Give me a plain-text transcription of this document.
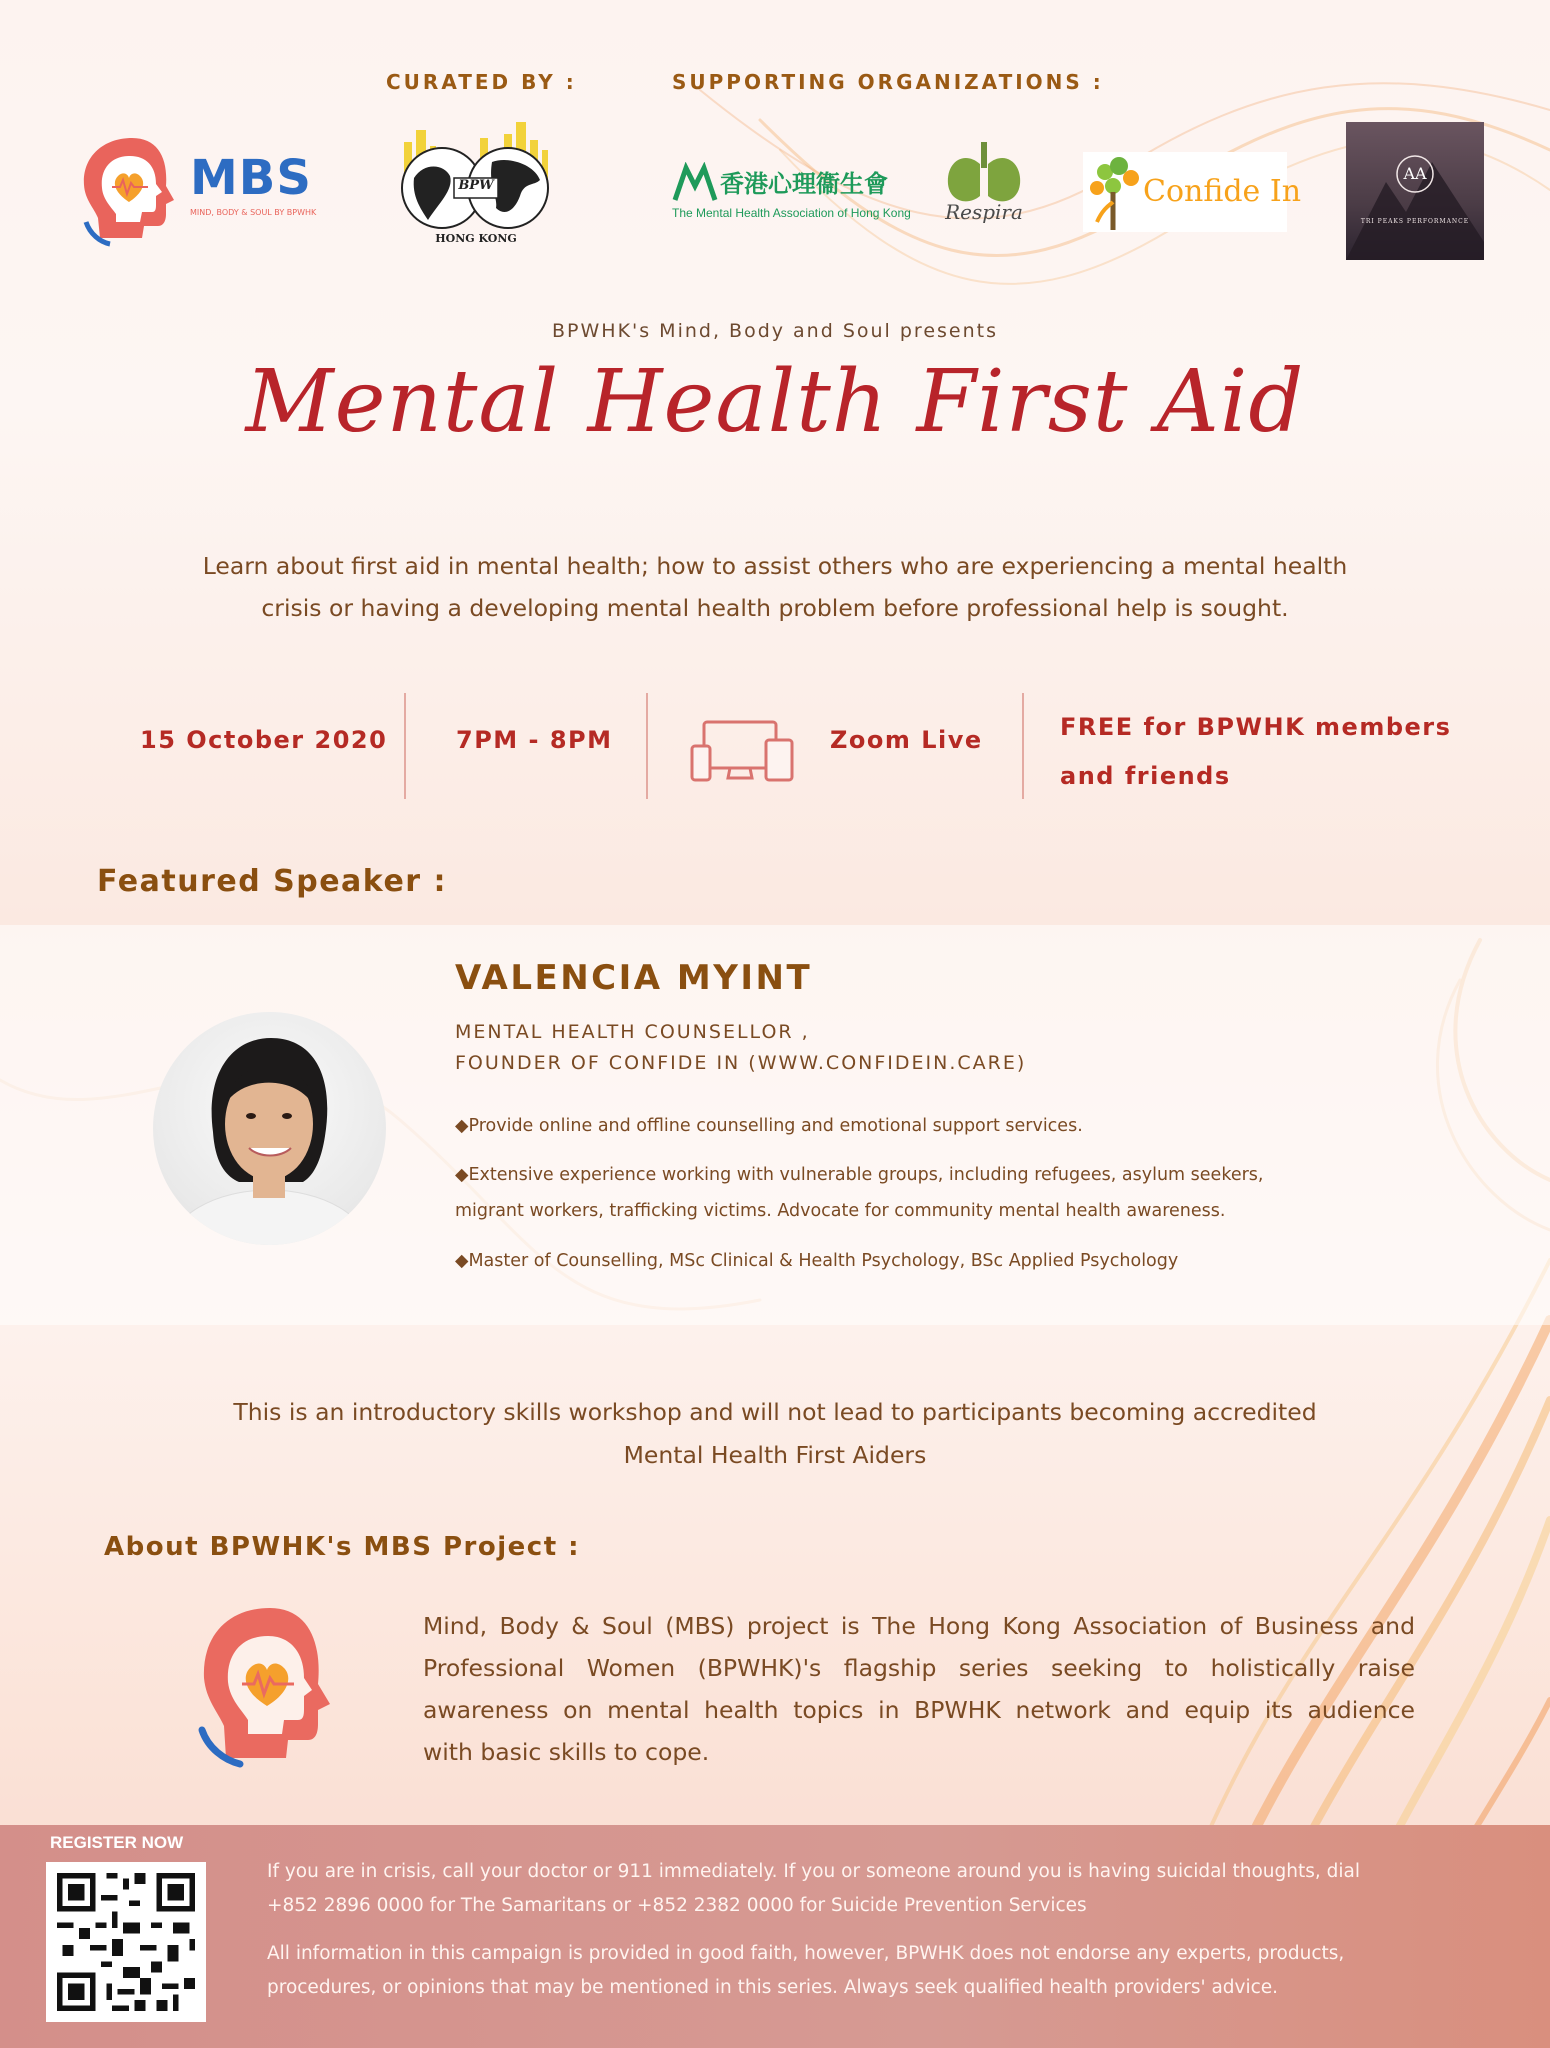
CURATED BY :	SUPPORTING ORGANIZATIONS :
MBS
MIND, BODY & SOUL BY BPWHK
BPW
HONG KONG
香港心理衞生會
The Mental Health Association of Hong Kong	Respira
Confide In
AA
TRI PEAKS PERFORMANCE
BPWHK's Mind, Body and Soul presents
Mental Health First Aid
Learn about first aid in mental health; how to assist others who are experiencing a mental health
crisis or having a developing mental health problem before professional help is sought.
15 October 2020	7PM - 8PM	Zoom Live	FREE for BPWHK members
and friends
Featured Speaker :
VALENCIA MYINT
MENTAL HEALTH COUNSELLOR ,
FOUNDER OF CONFIDE IN (WWW.CONFIDEIN.CARE)
◆Provide online and offline counselling and emotional support services.
◆Extensive experience working with vulnerable groups, including refugees, asylum seekers,
migrant workers, trafficking victims. Advocate for community mental health awareness.
◆Master of Counselling, MSc Clinical & Health Psychology, BSc Applied Psychology
This is an introductory skills workshop and will not lead to participants becoming accredited
Mental Health First Aiders
About BPWHK's MBS Project :
Mind, Body & Soul (MBS) project is The Hong Kong Association of Business and
Professional Women (BPWHK)'s flagship series seeking to holistically raise
awareness on mental health topics in BPWHK network and equip its audience
with basic skills to cope.
REGISTER NOW
If you are in crisis, call your doctor or 911 immediately. If you or someone around you is having suicidal thoughts, dial
+852 2896 0000 for The Samaritans or +852 2382 0000 for Suicide Prevention Services
All information in this campaign is provided in good faith, however, BPWHK does not endorse any experts, products,
procedures, or opinions that may be mentioned in this series. Always seek qualified health providers' advice.
